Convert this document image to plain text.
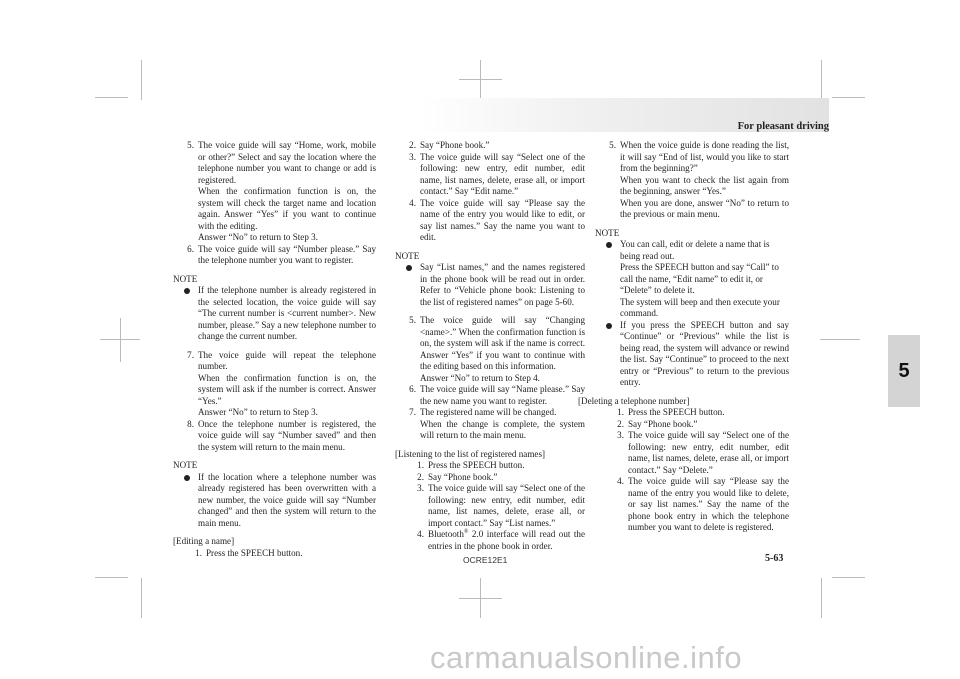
For pleasant driving
5
5. The voice guide will say “Home, work, mobile or other?” Select and say the location where the telephone number you want to change or add is registered.
When the confirmation function is on, the system will check the target name and location again. Answer “Yes” if you want to continue with the editing.
Answer “No” to return to Step 3.
6. The voice guide will say “Number please.” Say the telephone number you want to register.
NOTE
If the telephone number is already registered in the selected location, the voice guide will say “The current number is <current number>. New number, please.” Say a new telephone number to change the current number.
7. The voice guide will repeat the telephone number.
When the confirmation function is on, the system will ask if the number is correct. Answer “Yes.”
Answer “No” to return to Step 3.
8. Once the telephone number is registered, the voice guide will say “Number saved” and then the system will return to the main menu.
NOTE
If the location where a telephone number was already registered has been overwritten with a new number, the voice guide will say “Number changed” and then the system will return to the main menu.
[Editing a name]
1. Press the SPEECH button.
2. Say “Phone book.”
3. The voice guide will say “Select one of the following: new entry, edit number, edit name, list names, delete, erase all, or import contact.” Say “Edit name.”
4. The voice guide will say “Please say the name of the entry you would like to edit, or say list names.” Say the name you want to edit.
NOTE
Say “List names,” and the names registered in the phone book will be read out in order. Refer to “Vehicle phone book: Listening to the list of registered names” on page 5-60.
5. The voice guide will say “Changing <name>.” When the confirmation function is on, the system will ask if the name is correct. Answer “Yes” if you want to continue with the editing based on this information.
Answer “No” to return to Step 4.
6. The voice guide will say “Name please.” Say the new name you want to register.
7. The registered name will be changed.
When the change is complete, the system will return to the main menu.
[Listening to the list of registered names]
1. Press the SPEECH button.
2. Say “Phone book.”
3. The voice guide will say “Select one of the following: new entry, edit number, edit name, list names, delete, erase all, or import contact.” Say “List names.”
4. Bluetooth® 2.0 interface will read out the entries in the phone book in order.
5. When the voice guide is done reading the list, it will say “End of list, would you like to start from the beginning?”
When you want to check the list again from the beginning, answer “Yes.”
When you are done, answer “No” to return to the previous or main menu.
NOTE
You can call, edit or delete a name that is being read out.
Press the SPEECH button and say “Call” to call the name, “Edit name” to edit it, or “Delete” to delete it.
The system will beep and then execute your command.
If you press the SPEECH button and say “Continue” or “Previous” while the list is being read, the system will advance or rewind the list. Say “Continue” to proceed to the next entry or “Previous” to return to the previous entry.
[Deleting a telephone number]
1. Press the SPEECH button.
2. Say “Phone book.”
3. The voice guide will say “Select one of the following: new entry, edit number, edit name, list names, delete, erase all, or import contact.” Say “Delete.”
4. The voice guide will say “Please say the name of the entry you would like to delete, or say list names.” Say the name of the phone book entry in which the telephone number you want to delete is registered.
OCRE12E1	5-63
carmanualsonline.info
